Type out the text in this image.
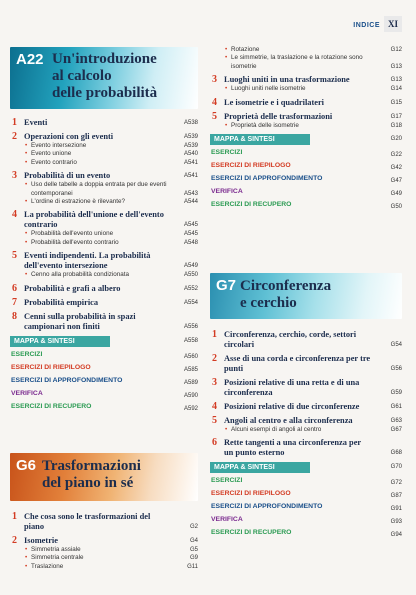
INDICE XI
A22 Un'introduzione
al calcolo
delle probabilità
1 Eventi	A538
2 Operazioni con gli eventi	A539
• Evento intersezione	A539
• Evento unione	A540
• Evento contrario	A541
3 Probabilità di un evento	A541
• Uso delle tabelle a doppia entrata per due eventi contemporanei	A543
• L'ordine di estrazione è rilevante?	A544
4 La probabilità dell'unione e dell'evento contrario	A545
• Probabilità dell'evento unione	A545
• Probabilità dell'evento contrario	A548
5 Eventi indipendenti. La probabilità dell'evento intersezione	A549
• Cenno alla probabilità condizionata	A550
6 Probabilità e grafi a albero	A552
7 Probabilità empirica	A554
8 Cenni sulla probabilità in spazi campionari non finiti	A556
MAPPA & SINTESI	A558
ESERCIZI	A560
ESERCIZI DI RIEPILOGO	A585
ESERCIZI DI APPROFONDIMENTO	A589
VERIFICA	A590
ESERCIZI DI RECUPERO	A592
G6 Trasformazioni
del piano in sé
1 Che cosa sono le trasformazioni del piano	G2
2 Isometrie	G4
• Simmetria assiale	G5
• Simmetria centrale	G9
• Traslazione	G11
• Rotazione	G12
• Le simmetrie, la traslazione e la rotazione sono isometrie	G13
3 Luoghi uniti in una trasformazione	G13
• Luoghi uniti nelle isometrie	G14
4 Le isometrie e i quadrilateri	G15
5 Proprietà delle trasformazioni	G17
• Proprietà delle isometrie	G18
MAPPA & SINTESI	G20
ESERCIZI	G22
ESERCIZI DI RIEPILOGO	G42
ESERCIZI DI APPROFONDIMENTO	G47
VERIFICA	G49
ESERCIZI DI RECUPERO	G50
G7 Circonferenza
e cerchio
1 Circonferenza, cerchio, corde, settori circolari	G54
2 Asse di una corda e circonferenza per tre punti	G56
3 Posizioni relative di una retta e di una circonferenza	G59
4 Posizioni relative di due circonferenze	G61
5 Angoli al centro e alla circonferenza	G63
• Alcuni esempi di angoli al centro	G67
6 Rette tangenti a una circonferenza per un punto esterno	G68
MAPPA & SINTESI	G70
ESERCIZI	G72
ESERCIZI DI RIEPILOGO	G87
ESERCIZI DI APPROFONDIMENTO	G91
VERIFICA	G93
ESERCIZI DI RECUPERO	G94
